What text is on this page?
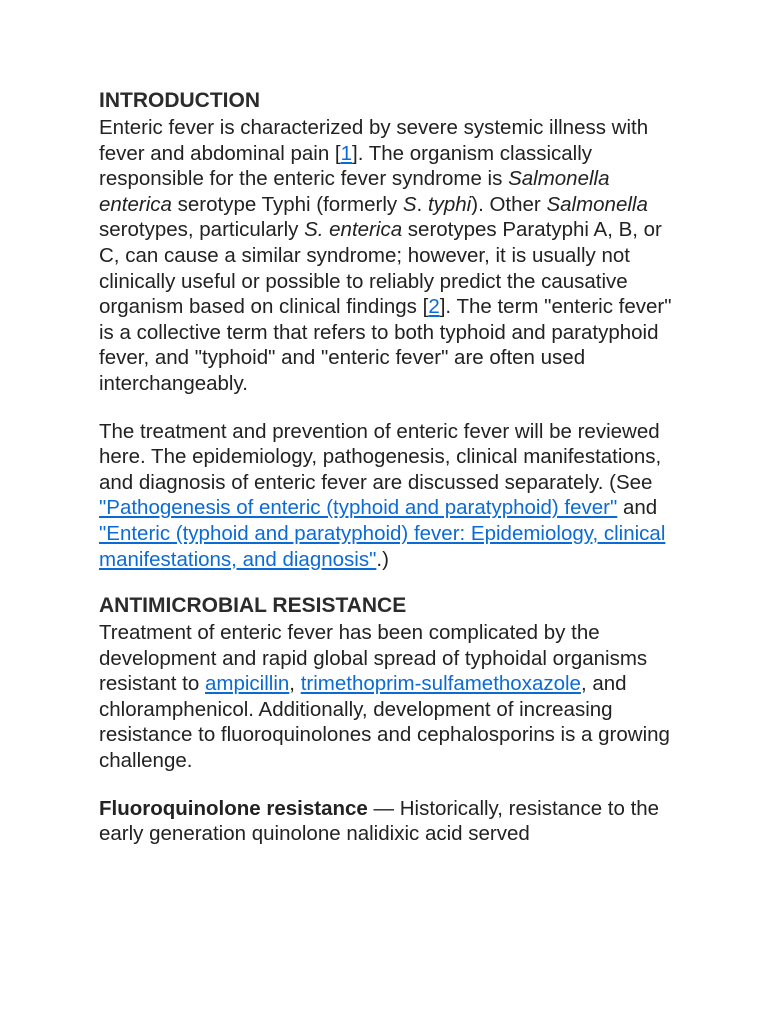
INTRODUCTION

Enteric fever is characterized by severe systemic illness with fever and abdominal pain [1]. The organism classically responsible for the enteric fever syndrome is Salmonella enterica serotype Typhi (formerly S. typhi). Other Salmonella serotypes, particularly S. enterica serotypes Paratyphi A, B, or C, can cause a similar syndrome; however, it is usually not clinically useful or possible to reliably predict the causative organism based on clinical findings [2]. The term "enteric fever" is a collective term that refers to both typhoid and paratyphoid fever, and "typhoid" and "enteric fever" are often used interchangeably.

The treatment and prevention of enteric fever will be reviewed here. The epidemiology, pathogenesis, clinical manifestations, and diagnosis of enteric fever are discussed separately. (See "Pathogenesis of enteric (typhoid and paratyphoid) fever" and "Enteric (typhoid and paratyphoid) fever: Epidemiology, clinical manifestations, and diagnosis".)

ANTIMICROBIAL RESISTANCE

Treatment of enteric fever has been complicated by the development and rapid global spread of typhoidal organisms resistant to ampicillin, trimethoprim-sulfamethoxazole, and chloramphenicol. Additionally, development of increasing resistance to fluoroquinolones and cephalosporins is a growing challenge.

Fluoroquinolone resistance — Historically, resistance to the early generation quinolone nalidixic acid served
